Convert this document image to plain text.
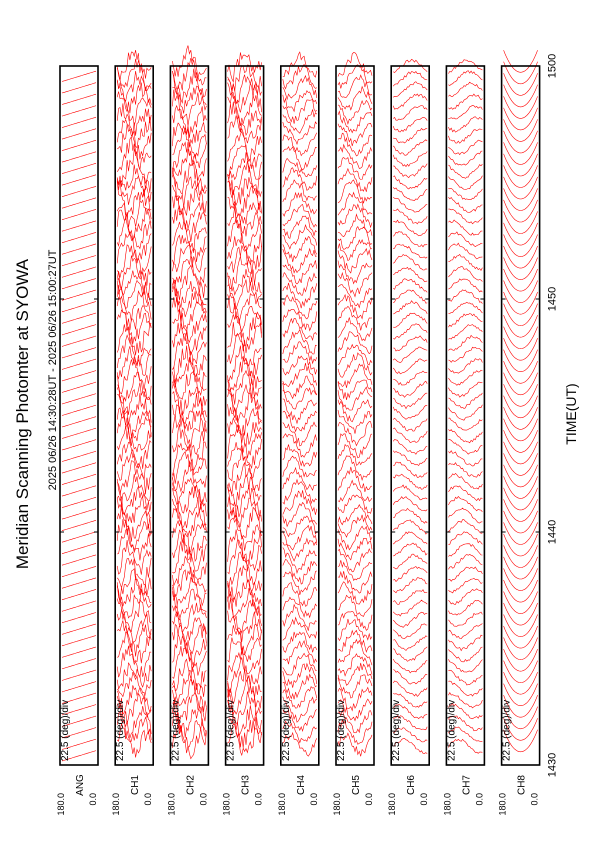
Meridian Scanning Photomter at SYOWA 2025 06/26 14:30:28UT - 2025 06/26 15:00:27UT	TIME(UT)
22.5 (deg)/div
ANG
0.0
180.0
22.5 (deg)/div
CH1
0.0
180.0
22.5 (deg)/div
CH2
0.0
180.0
22.5 (deg)/div
CH3
0.0
180.0
22.5 (deg)/div
CH4
0.0
180.0
22.5 (deg)/div
CH5
0.0
180.0
22.5 (deg)/div
CH6
0.0
180.0
22.5 (deg)/div
CH7
0.0
180.0
22.5 (deg)/div
CH8
0.0
180.0
1430
1440
1450
1500
